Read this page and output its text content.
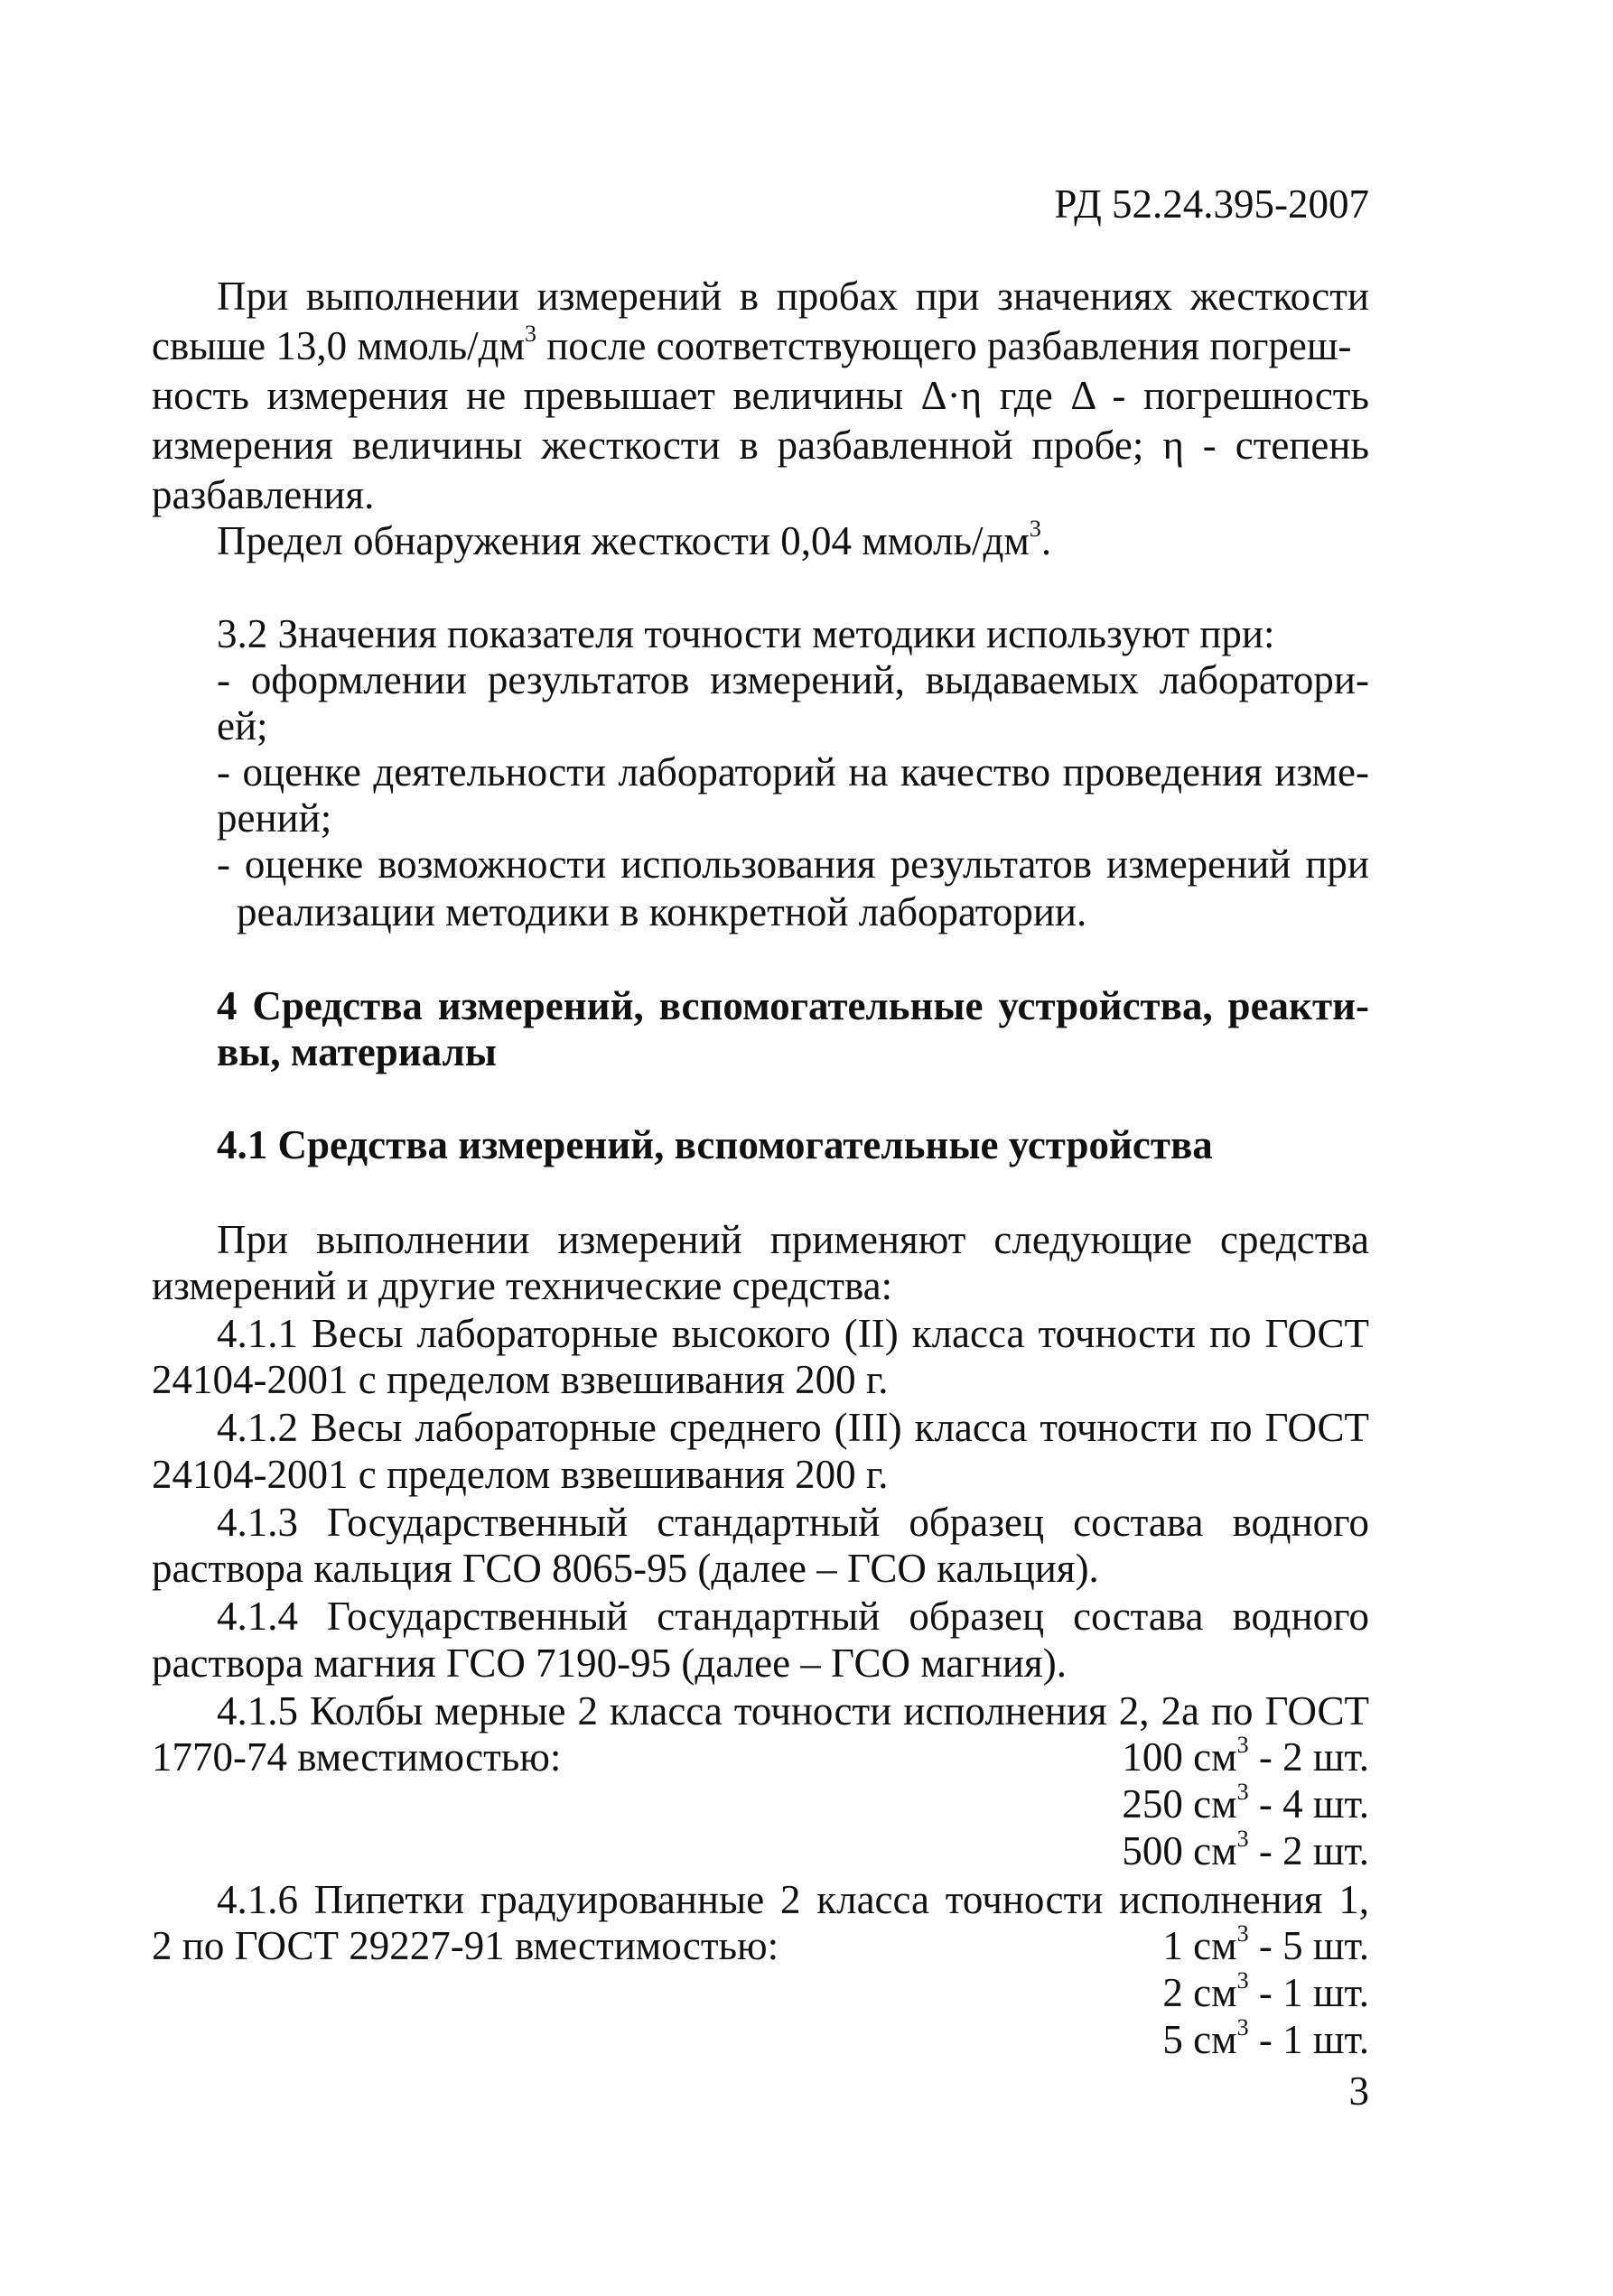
РД 52.24.395-2007
При выполнении измерений в пробах при значениях жесткости
свыше 13,0 ммоль/$дм^3$ после соответствующего разбавления погреш-
ность измерения не превышает величины Δ·η где Δ - погрешность
измерения величины жесткости в разбавленной пробе; η - степень
разбавления.
Предел обнаружения жесткости 0,04 ммоль/$дм^3$.
3.2 Значения показателя точности методики используют при:
- оформлении результатов измерений, выдаваемых лаборатори-
ей;
- оценке деятельности лабораторий на качество проведения изме-
рений;
- оценке возможности использования результатов измерений при
реализации методики в конкретной лаборатории.
4 Средства измерений, вспомогательные устройства, реакти-
вы, материалы
4.1 Средства измерений, вспомогательные устройства
При выполнении измерений применяют следующие средства
измерений и другие технические средства:
4.1.1 Весы лабораторные высокого (II) класса точности по ГОСТ
24104-2001 с пределом взвешивания 200 г.
4.1.2 Весы лабораторные среднего (III) класса точности по ГОСТ
24104-2001 с пределом взвешивания 200 г.
4.1.3 Государственный стандартный образец состава водного
раствора кальция ГСО 8065-95 (далее – ГСО кальция).
4.1.4 Государственный стандартный образец состава водного
раствора магния ГСО 7190-95 (далее – ГСО магния).
4.1.5 Колбы мерные 2 класса точности исполнения 2, 2а по ГОСТ
1770-74 вместимостью:	100 $см^3 - 2$ шт.
250 $см^3 - 4$ шт.
500 $см^3 - 2$ шт.
4.1.6 Пипетки градуированные 2 класса точности исполнения 1,
2 по ГОСТ 29227-91 вместимостью:	1 $см^3 - 5$ шт.
2 $см^3 - 1$ шт.
5 $см^3 - 1$ шт.
3
